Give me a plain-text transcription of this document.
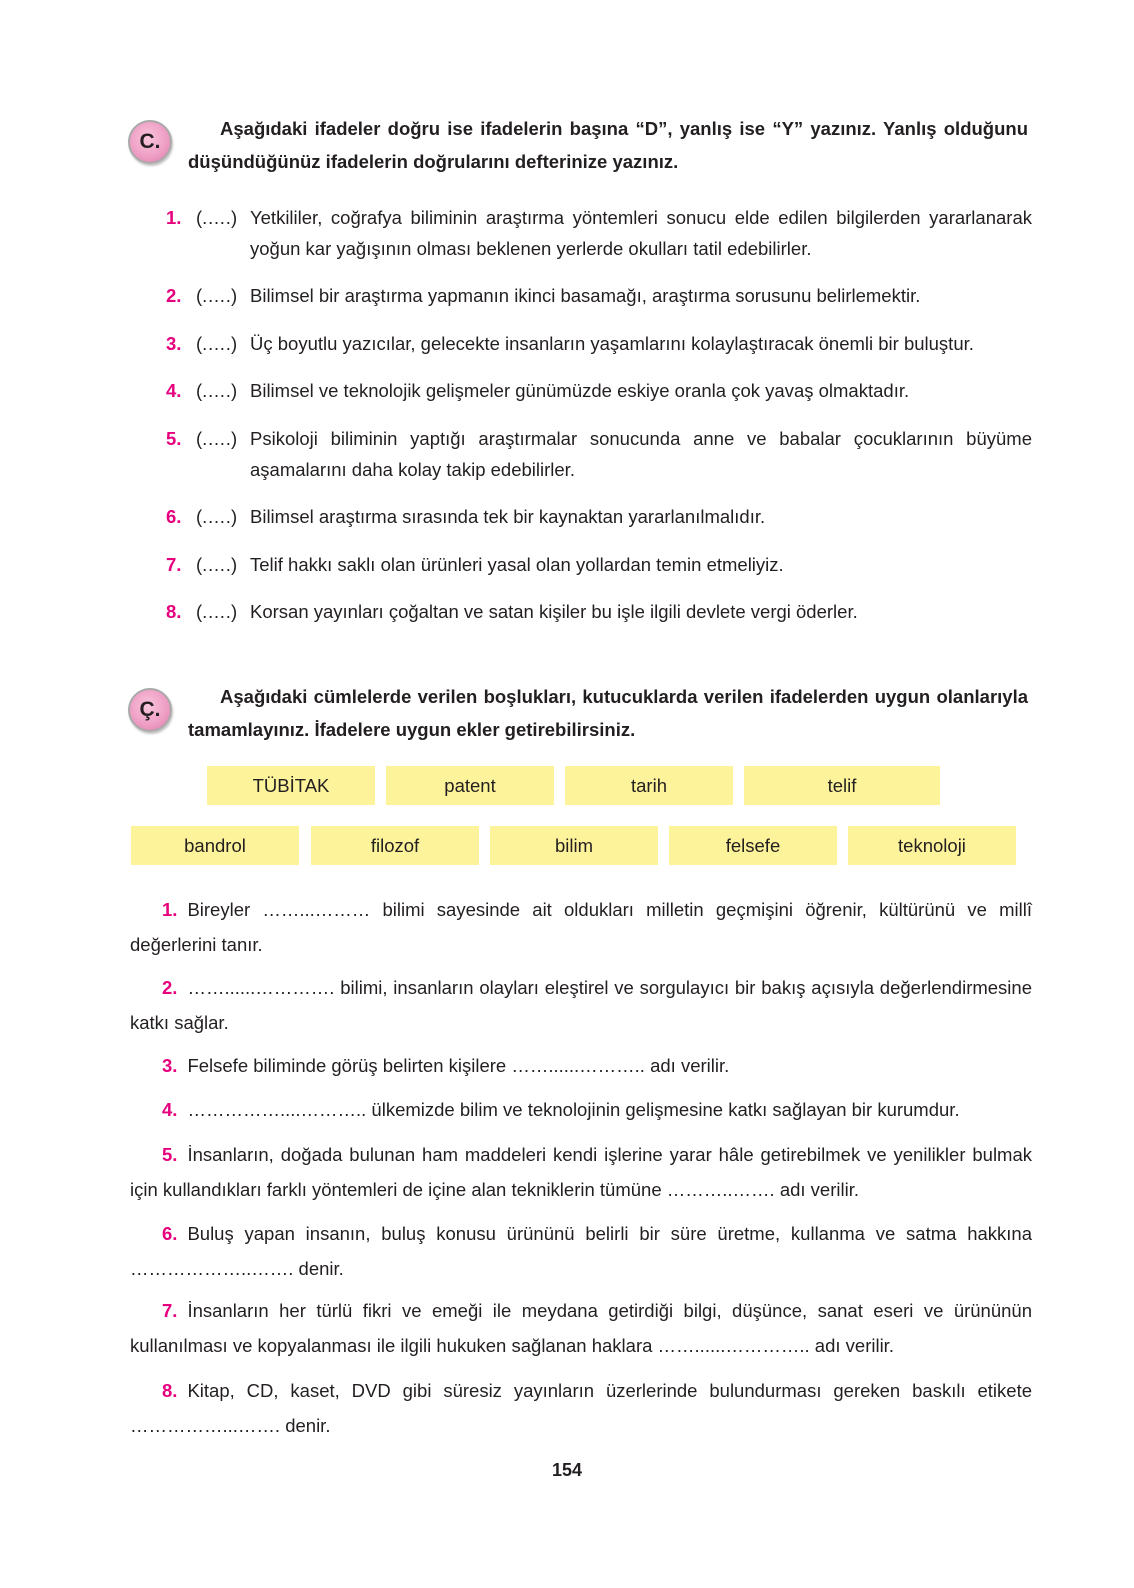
C.

Aşağıdaki ifadeler doğru ise ifadelerin başına “D”, yanlış ise “Y” yazınız. Yanlış olduğunu düşündüğünüz ifadelerin doğrularını defterinize yazınız.

1. (.….) Yetkililer, coğrafya biliminin araştırma yöntemleri sonucu elde edilen bilgilerden yararlanarak yoğun kar yağışının olması beklenen yerlerde okulları tatil edebilirler.
2. (.….) Bilimsel bir araştırma yapmanın ikinci basamağı, araştırma sorusunu belirlemektir.
3. (.….) Üç boyutlu yazıcılar, gelecekte insanların yaşamlarını kolaylaştıracak önemli bir buluştur.
4. (.….) Bilimsel ve teknolojik gelişmeler günümüzde eskiye oranla çok yavaş olmaktadır.
5. (.….) Psikoloji biliminin yaptığı araştırmalar sonucunda anne ve babalar çocuklarının büyüme aşamalarını daha kolay takip edebilirler.
6. (.….) Bilimsel araştırma sırasında tek bir kaynaktan yararlanılmalıdır.
7. (.….) Telif hakkı saklı olan ürünleri yasal olan yollardan temin etmeliyiz.
8. (.….) Korsan yayınları çoğaltan ve satan kişiler bu işle ilgili devlete vergi öderler.
Ç.

Aşağıdaki cümlelerde verilen boşlukları, kutucuklarda verilen ifadelerden uygun olanlarıyla tamamlayınız. İfadelere uygun ekler getirebilirsiniz.

TÜBİTAK	patent	tarih	telif
bandrol	filozof	bilim	felsefe	teknoloji

1. Bireyler ……...……… bilimi sayesinde ait oldukları milletin geçmişini öğrenir, kültürünü ve millî değerlerini tanır.

2. ……......…………. bilimi, insanların olayları eleştirel ve sorgulayıcı bir bakış açısıyla değerlendirmesine katkı sağlar.

3. Felsefe biliminde görüş belirten kişilere ……......……….. adı verilir.

4. ……………....……….. ülkemizde bilim ve teknolojinin gelişmesine katkı sağlayan bir kurumdur.

5. İnsanların, doğada bulunan ham maddeleri kendi işlerine yarar hâle getirebilmek ve yenilikler bulmak için kullandıkları farklı yöntemleri de içine alan tekniklerin tümüne ………..……. adı verilir.

6. Buluş yapan insanın, buluş konusu ürününü belirli bir süre üretme, kullanma ve satma hakkına ………………..……. denir.

7. İnsanların her türlü fikri ve emeği ile meydana getirdiği bilgi, düşünce, sanat eseri ve ürününün kullanılması ve kopyalanması ile ilgili hukuken sağlanan haklara ……......………….. adı verilir.

8. Kitap, CD, kaset, DVD gibi süresiz yayınların üzerlerinde bulundurması gereken baskılı etikete ……………...……. denir.

154
